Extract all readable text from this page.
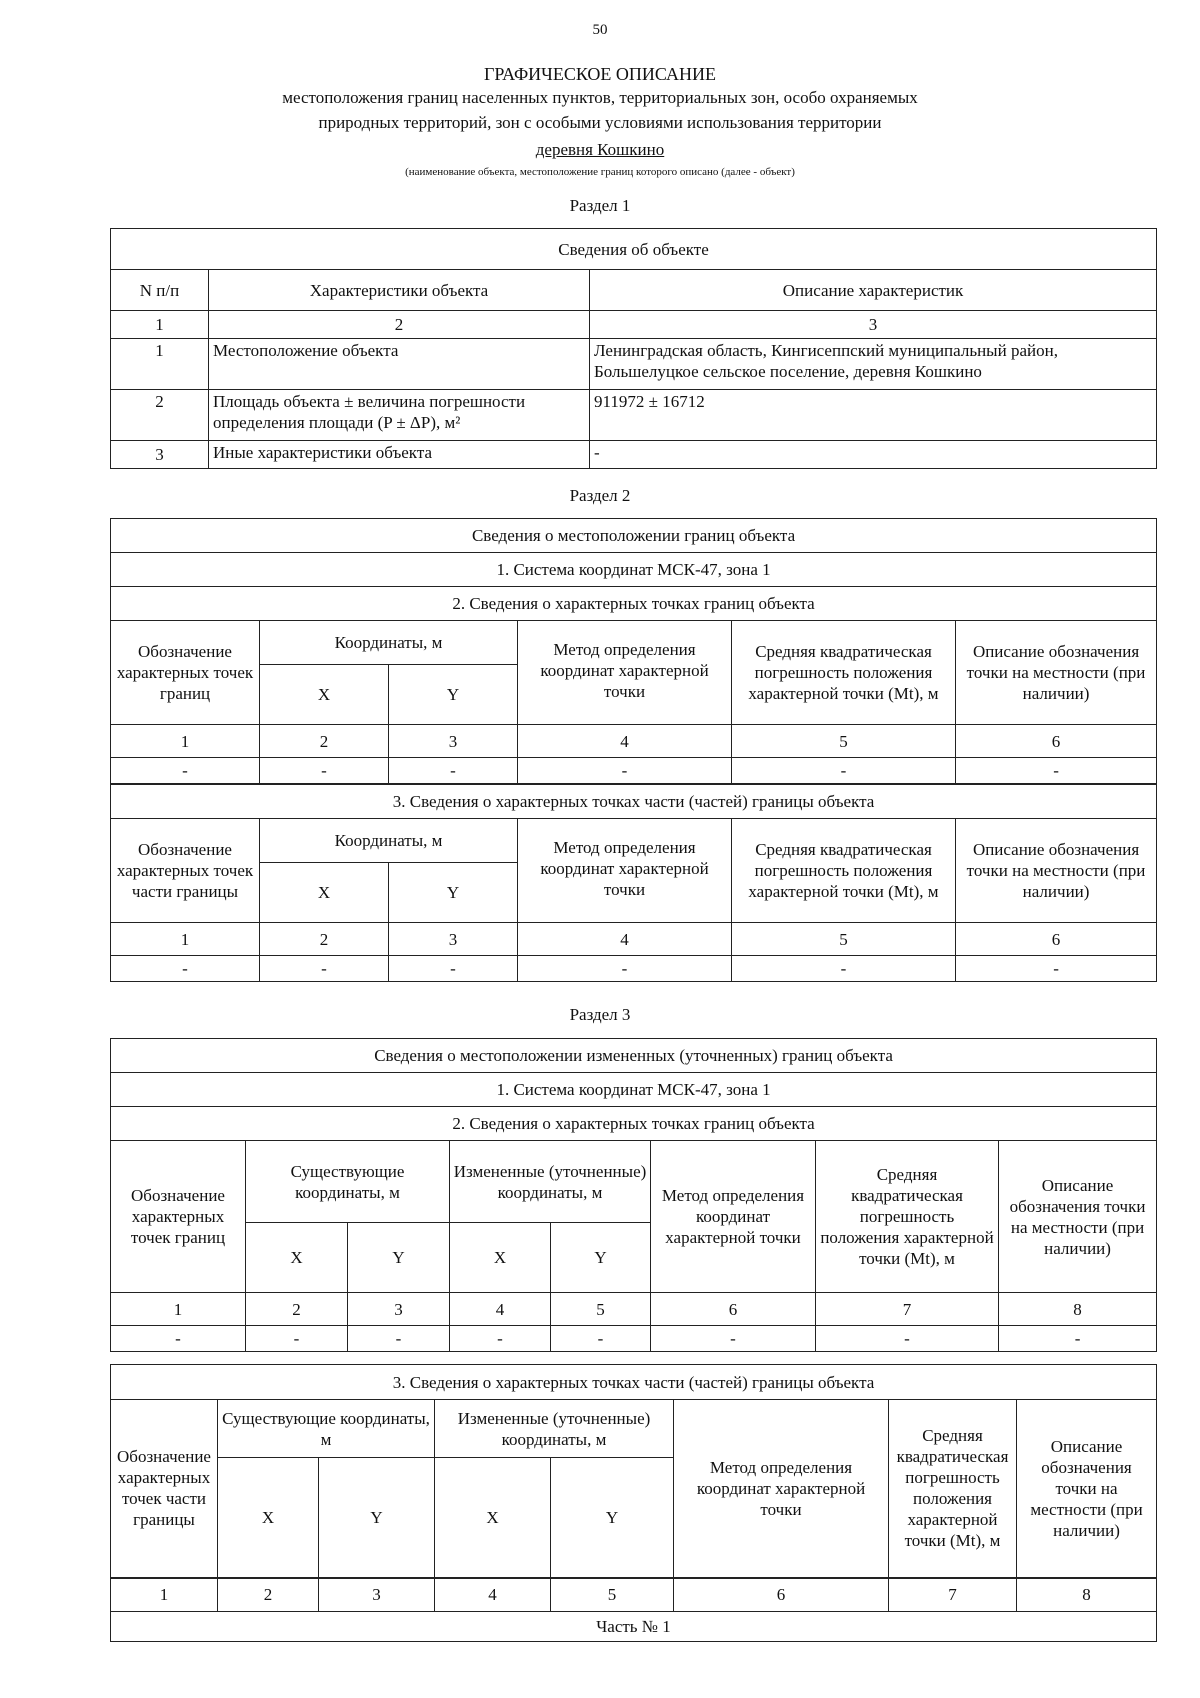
50
ГРАФИЧЕСКОЕ ОПИСАНИЕ
местоположения границ населенных пунктов, территориальных зон, особо охраняемых
природных территорий, зон с особыми условиями использования территории
деревня Кошкино
(наименование объекта, местоположение границ которого описано (далее - объект)
Раздел 1
Сведения об объекте		
N п/п	Характеристики объекта	Описание характеристик
1	2	3
1	Местоположение объекта	Ленинградская область, Кингисеппский муниципальный район, Большелуцкое сельское поселение, деревня Кошкино
2	Площадь объекта ± величина погрешности определения площади (P ± ΔP), м²	911972 ± 16712
3	Иные характеристики объекта	-
Раздел 2
Сведения о местоположении границ объекта					
1. Система координат МСК-47, зона 1					
2. Сведения о характерных точках границ объекта					
Обозначение характерных точек границ	Координаты, м		Метод определения координат характерной точки	Средняя квадратическая погрешность положения характерной точки (Mt), м	Описание обозначения точки на местности (при наличии)
	X	Y			
1	2	3	4	5	6
-	-	-	-	-	-
3. Сведения о характерных точках части (частей) границы объекта					
Обозначение характерных точек части границы	Координаты, м		Метод определения координат характерной точки	Средняя квадратическая погрешность положения характерной точки (Mt), м	Описание обозначения точки на местности (при наличии)
	X	Y			
1	2	3	4	5	6
-	-	-	-	-	-
Раздел 3
Сведения о местоположении измененных (уточненных) границ объекта							
1. Система координат МСК-47, зона 1							
2. Сведения о характерных точках границ объекта							
Обозначение характерных точек границ	Существующие координаты, м		Измененные (уточненные) координаты, м		Метод определения координат характерной точки	Средняя квадратическая погрешность положения характерной точки (Mt), м	Описание обозначения точки на местности (при наличии)
	X	Y	X	Y			
1	2	3	4	5	6	7	8
-	-	-	-	-	-	-	-
3. Сведения о характерных точках части (частей) границы объекта							
Обозначение характерных точек части границы	Существующие координаты, м		Измененные (уточненные) координаты, м		Метод определения координат характерной точки	Средняя квадратическая погрешность положения характерной точки (Mt), м	Описание обозначения точки на местности (при наличии)
	X	Y	X	Y			
1	2	3	4	5	6	7	8
Часть № 1							
